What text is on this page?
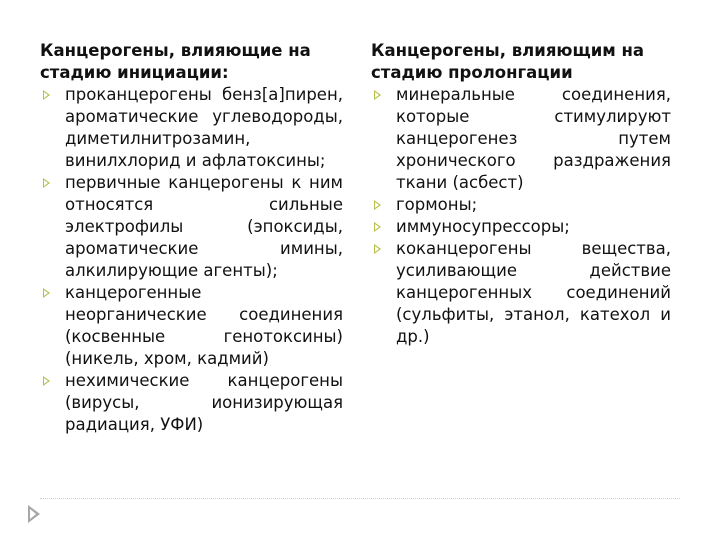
Канцерогены, влияющие на стадию инициации:
проканцерогены бенз[а]пирен, ароматические углеводороды, диметилнитрозамин, винилхлорид и афлатоксины;
первичные канцерогены к ним относятся сильные электрофилы (эпоксиды, ароматические имины, алкилирующие агенты);
канцерогенные неорганические соединения (косвенные генотоксины) (никель, хром, кадмий)
нехимические канцерогены (вирусы, ионизирующая радиация, УФИ)
Канцерогены, влияющим на стадию пролонгации
минеральные соединения, которые стимулируют канцерогенез путем хронического раздражения ткани (асбест)
гормоны;
иммуносупрессоры;
коканцерогены вещества, усиливающие действие канцерогенных соединений (сульфиты, этанол, катехол и др.)
